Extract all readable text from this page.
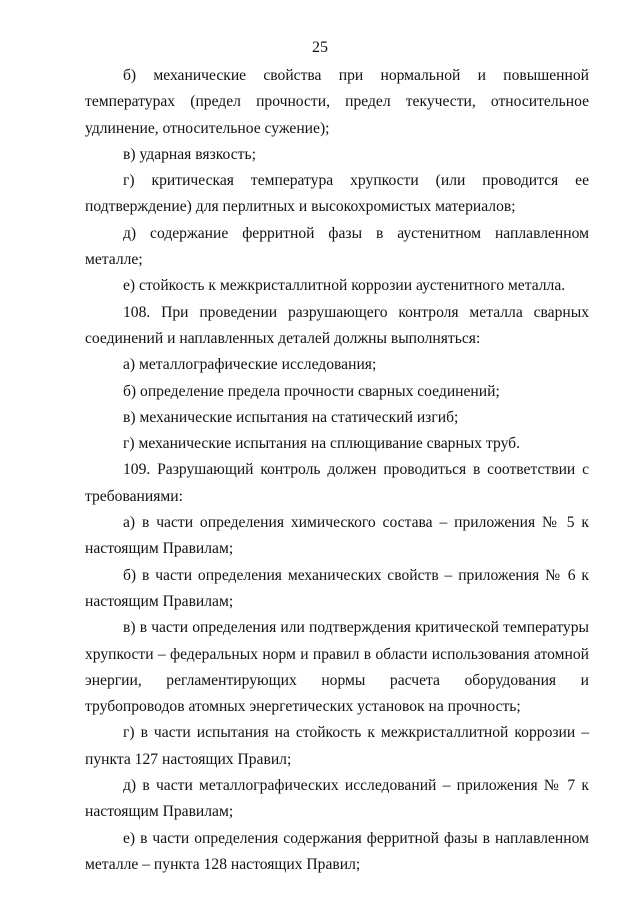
25

б) механические свойства при нормальной и повышенной температурах (предел прочности, предел текучести, относительное удлинение, относительное сужение);

в) ударная вязкость;

г) критическая температура хрупкости (или проводится ее подтверждение) для перлитных и высокохромистых материалов;

д) содержание ферритной фазы в аустенитном наплавленном металле;

е) стойкость к межкристаллитной коррозии аустенитного металла.

108. При проведении разрушающего контроля металла сварных соединений и наплавленных деталей должны выполняться:

а) металлографические исследования;

б) определение предела прочности сварных соединений;

в) механические испытания на статический изгиб;

г) механические испытания на сплющивание сварных труб.

109. Разрушающий контроль должен проводиться в соответствии с требованиями:

а) в части определения химического состава – приложения № 5 к настоящим Правилам;

б) в части определения механических свойств – приложения № 6 к настоящим Правилам;

в) в части определения или подтверждения критической температуры хрупкости – федеральных норм и правил в области использования атомной энергии, регламентирующих нормы расчета оборудования и трубопроводов атомных энергетических установок на прочность;

г) в части испытания на стойкость к межкристаллитной коррозии – пункта 127 настоящих Правил;

д) в части металлографических исследований – приложения № 7 к настоящим Правилам;

е) в части определения содержания ферритной фазы в наплавленном металле – пункта 128 настоящих Правил;
